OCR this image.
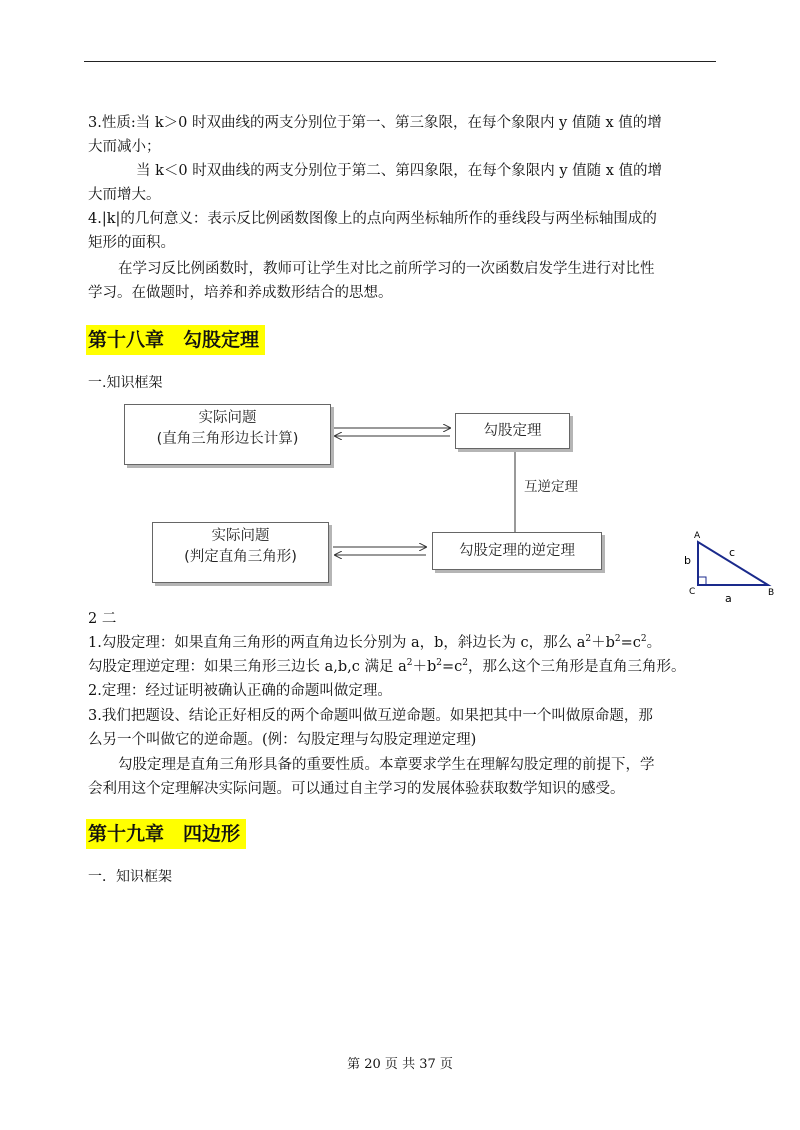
3.性质:当 k＞0 时双曲线的两支分别位于第一、第三象限，在每个象限内 y 值随 x 值的增

大而减小；

当 k＜0 时双曲线的两支分别位于第二、第四象限，在每个象限内 y 值随 x 值的增

大而增大。

4.|k|的几何意义：表示反比例函数图像上的点向两坐标轴所作的垂线段与两坐标轴围成的

矩形的面积。

在学习反比例函数时，教师可让学生对比之前所学习的一次函数启发学生进行对比性

学习。在做题时，培养和养成数形结合的思想。

第十八章　勾股定理
一.知识框架
实际问题
(直角三角形边长计算)	勾股定理
互逆定理
实际问题
(判定直角三角形)	勾股定理的逆定理
A
b
c
C	a	B

2 二

1.勾股定理：如果直角三角形的两直角边长分别为 a，b，斜边长为 c，那么 $a^2+b^2=c^2$。

勾股定理逆定理：如果三角形三边长 a,b,c 满足 $a^2+b^2=c^2$，那么这个三角形是直角三角形。

2.定理：经过证明被确认正确的命题叫做定理。

3.我们把题设、结论正好相反的两个命题叫做互逆命题。如果把其中一个叫做原命题，那

么另一个叫做它的逆命题。(例：勾股定理与勾股定理逆定理)

勾股定理是直角三角形具备的重要性质。本章要求学生在理解勾股定理的前提下，学

会利用这个定理解决实际问题。可以通过自主学习的发展体验获取数学知识的感受。

第十九章　四边形
一．知识框架
第 20 页 共 37 页
